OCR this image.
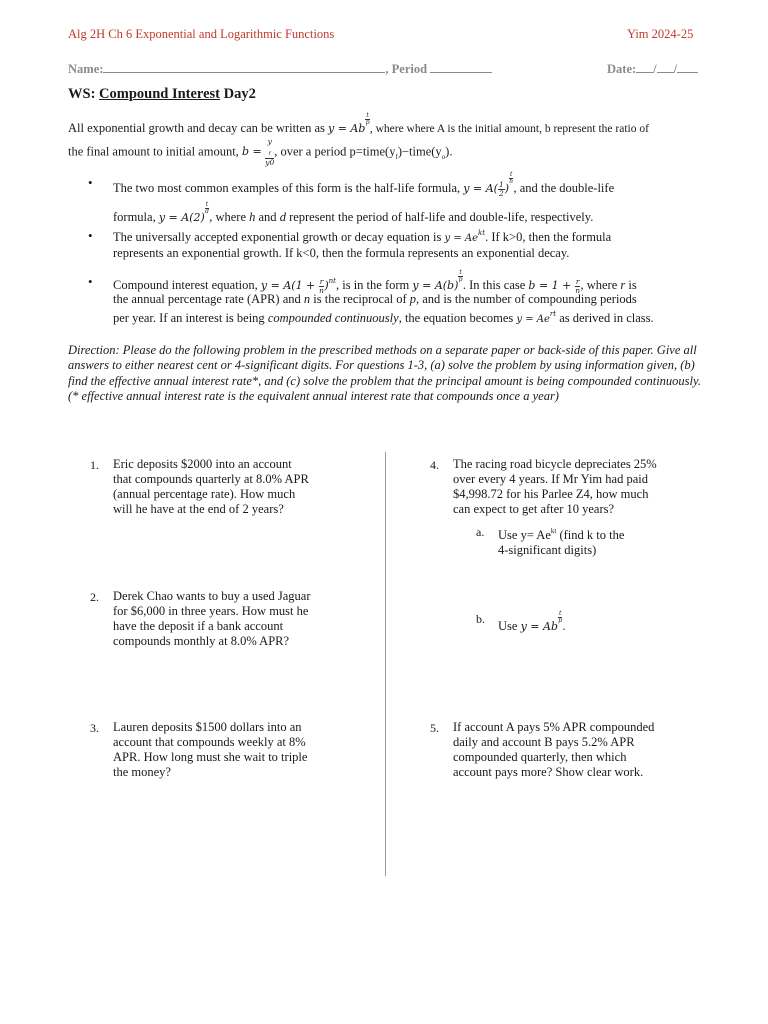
Alg 2H Ch 6 Exponential and Logarithmic Functions	Yim 2024-25
Name:	, Period	Date: / /
WS: Compound Interest Day2
All exponential growth and decay can be written as y = Ab
$\frac{t}{p}$
, where where A is the initial amount, b represent the ratio of
the final amount to initial amount, b = y
$_f$
y0 , over a period $p=time(y_f)-time(y_o)$.
• The two most common examples of this form is the half-life formula, $y = A( \frac{1}{2}$ )
$\frac{t}{h}$
, and the double-life
formula, y = A(2)
$\frac{t}{d}$
, where h and d represent the period of half-life and double-life, respectively.
• The universally accepted exponential growth or decay equation is $y = Ae^{kt}$. If k>0, then the formula
represents an exponential growth. If k<0, then the formula represents an exponential decay.
• Compound interest equation, $y = A(1 + \frac{r}{n} )^{nt}$, is in the form y = A(b)
$\frac{t}{p}$
. In this case $b = 1 + \frac{r}{n}$ , where r is
the annual percentage rate (APR) and n is the reciprocal of p, and is the number of compounding periods
per year. If an interest is being compounded continuously, the equation becomes $y = Ae^{rt}$ as derived in class.
Direction: Please do the following problem in the prescribed methods on a separate paper or back-side of this paper. Give all answers to either nearest cent or 4-significant digits. For questions 1-3, (a) solve the problem by using information given, (b) find the effective annual interest rate*, and (c) solve the problem that the principal amount is being compounded continuously. (* effective annual interest rate is the equivalent annual interest rate that compounds once a year)
1. Eric deposits $2000 into an account
that compounds quarterly at 8.0% APR
(annual percentage rate). How much
will he have at the end of 2 years?
2. Derek Chao wants to buy a used Jaguar
for $6,000 in three years. How must he
have the deposit if a bank account
compounds monthly at 8.0% APR?
3. Lauren deposits $1500 dollars into an
account that compounds weekly at 8%
APR. How long must she wait to triple
the money?
4. The racing road bicycle depreciates 25%
over every 4 years. If Mr Yim had paid
$4,998.72 for his Parlee Z4, how much
can expect to get after 10 years?
a. Use $y= Ae^{kt}$ (find k to the
4-significant digits)
b. Use y = Ab
$\frac{t}{p}$
.
5. If account A pays 5% APR compounded
daily and account B pays 5.2% APR
compounded quarterly, then which
account pays more? Show clear work.
